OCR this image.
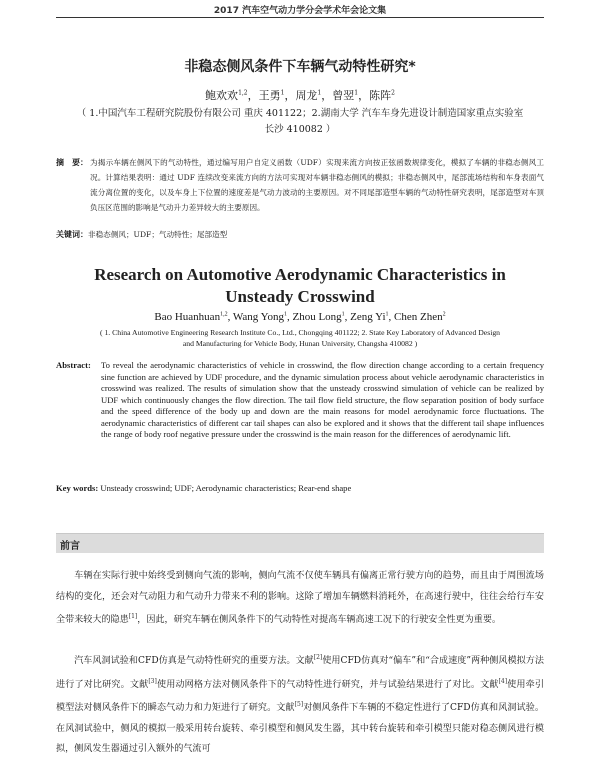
2017 汽车空气动力学分会学术年会论文集
非稳态侧风条件下车辆气动特性研究*
鲍欢欢$^{1,2}$，王勇$^1$，周龙$^1$，曾翌$^1$，陈阵$^2$
（ 1.中国汽车工程研究院股份有限公司 重庆 401122；2.湖南大学 汽车车身先进设计制造国家重点实验室
长沙 410082 ）
摘　要： 为揭示车辆在侧风下的气动特性，通过编写用户自定义函数（UDF）实现来流方向按正弦函数规律变化，模拟了车辆的非稳态侧风工况。计算结果表明：通过 UDF 连续改变来流方向的方法可实现对车辆非稳态侧风的模拟；非稳态侧风中，尾部流场结构和车身表面气流分离位置的变化，以及车身上下位置的速度差是气动力波动的主要原因。对不同尾部造型车辆的气动特性研究表明，尾部造型对车顶负压区范围的影响是气动升力差异较大的主要原因。
关键词：非稳态侧风；UDF；气动特性；尾部造型
Research on Automotive Aerodynamic Characteristics in
Unsteady Crosswind
Bao Huanhuan$^{1,2}$, Wang Yong$^1$, Zhou Long$^1$, Zeng Yi$^1$, Chen Zhen$^2$
( 1. China Automotive Engineering Research Institute Co., Ltd., Chongqing 401122; 2. State Key Laboratory of Advanced Design
and Manufacturing for Vehicle Body, Hunan University, Changsha 410082 )
Abstract: To reveal the aerodynamic characteristics of vehicle in crosswind, the flow direction change according to a certain frequency sine function are achieved by UDF procedure, and the dynamic simulation process about vehicle aerodynamic characteristics in crosswind was realized. The results of simulation show that the unsteady crosswind simulation of vehicle can be realized by UDF which continuously changes the flow direction. The tail flow field structure, the flow separation position of body surface and the speed difference of the body up and down are the main reasons for model aerodynamic force fluctuations. The aerodynamic characteristics of different car tail shapes can also be explored and it shows that the different tail shape influences the range of body roof negative pressure under the crosswind is the main reason for the differences of aerodynamic lift.
Key words: Unsteady crosswind; UDF; Aerodynamic characteristics; Rear-end shape
前言
车辆在实际行驶中始终受到侧向气流的影响，侧向气流不仅使车辆具有偏离正常行驶方向的趋势，而且由于周围流场结构的变化，还会对气动阻力和气动升力带来不利的影响。这除了增加车辆燃料消耗外，在高速行驶中，往往会给行车安全带来较大的隐患[1]，因此，研究车辆在侧风条件下的气动特性对提高车辆高速工况下的行驶安全性更为重要。
汽车风洞试验和CFD仿真是气动特性研究的重要方法。文献[2]使用CFD仿真对“偏车”和“合成速度”两种侧风模拟方法进行了对比研究。文献[3]使用动网格方法对侧风条件下的气动特性进行研究，并与试验结果进行了对比。文献[4]使用牵引模型法对侧风条件下的瞬态气动力和力矩进行了研究。文献[5]对侧风条件下车辆的不稳定性进行了CFD仿真和风洞试验。在风洞试验中，侧风的模拟一般采用转台旋转、牵引模型和侧风发生器，其中转台旋转和牵引模型只能对稳态侧风进行模拟，侧风发生器通过引入额外的气流可
